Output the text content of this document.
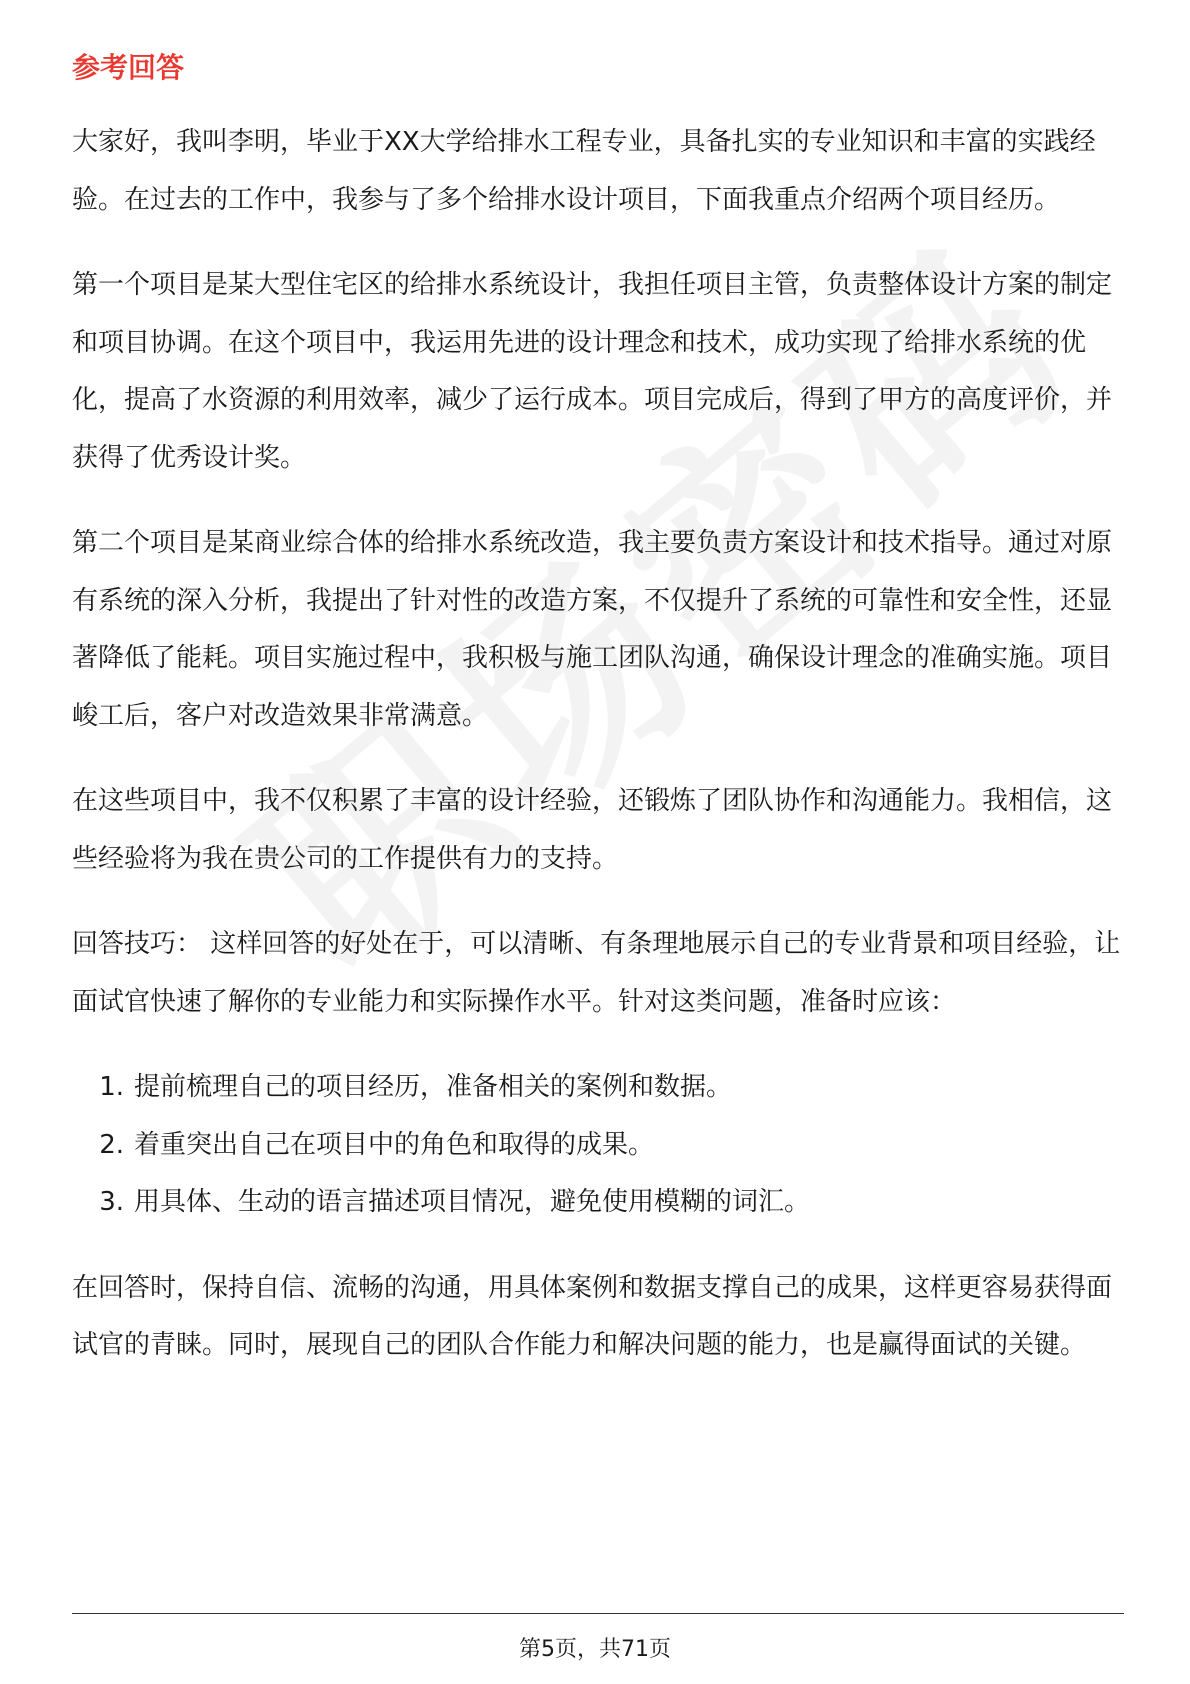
参考回答

大家好，我叫李明，毕业于XX大学给排水工程专业，具备扎实的专业知识和丰富的实践经验。在过去的工作中，我参与了多个给排水设计项目，下面我重点介绍两个项目经历。

第一个项目是某大型住宅区的给排水系统设计，我担任项目主管，负责整体设计方案的制定和项目协调。在这个项目中，我运用先进的设计理念和技术，成功实现了给排水系统的优化，提高了水资源的利用效率，减少了运行成本。项目完成后，得到了甲方的高度评价，并获得了优秀设计奖。

第二个项目是某商业综合体的给排水系统改造，我主要负责方案设计和技术指导。通过对原有系统的深入分析，我提出了针对性的改造方案，不仅提升了系统的可靠性和安全性，还显著降低了能耗。项目实施过程中，我积极与施工团队沟通，确保设计理念的准确实施。项目峻工后，客户对改造效果非常满意。

在这些项目中，我不仅积累了丰富的设计经验，还锻炼了团队协作和沟通能力。我相信，这些经验将为我在贵公司的工作提供有力的支持。

回答技巧： 这样回答的好处在于，可以清晰、有条理地展示自己的专业背景和项目经验，让面试官快速了解你的专业能力和实际操作水平。针对这类问题，准备时应该：

1. 提前梳理自己的项目经历，准备相关的案例和数据。
2. 着重突出自己在项目中的角色和取得的成果。
3. 用具体、生动的语言描述项目情况，避免使用模糊的词汇。

在回答时，保持自信、流畅的沟通，用具体案例和数据支撑自己的成果，这样更容易获得面试官的青睐。同时，展现自己的团队合作能力和解决问题的能力，也是赢得面试的关键。

第5页，共71页
